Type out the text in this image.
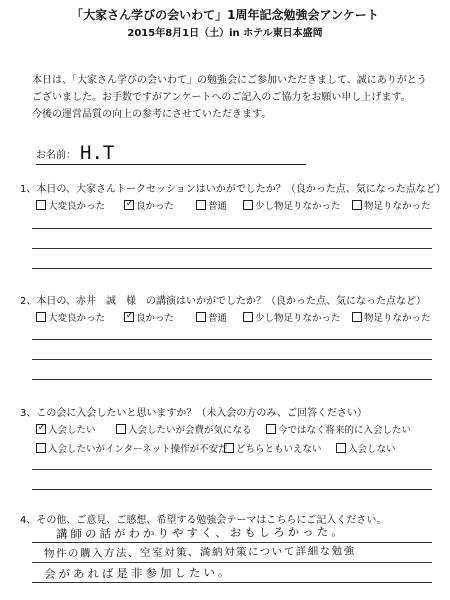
「大家さん学びの会いわて」1周年記念勉強会アンケート
2015年8月1日（土）in ホテル東日本盛岡
本日は、「大家さん学びの会いわて」の勉強会にご参加いただきまして、誠にありがとう
ございました。お手数ですがアンケートへのご記入のご協力をお願い申し上げます。
今後の運営品質の向上の参考にさせていただきます。
お名前： H.T
1、本日の、大家さんトークセッションはいかがでしたか？（良かった点、気になった点など）
大変良かった ✓ 良かった	普通	少し物足りなかった	物足りなかった
2、本日の、赤井　誠　様　の講演はいかがでしたか？（良かった点、気になった点など）
大変良かった ✓ 良かった	普通	少し物足りなかった	物足りなかった
3、この会に入会したいと思いますか？（未入会の方のみ、ご回答ください）
✓ 入会したい	入会したいが会費が気になる	今ではなく将来的に入会したい
入会したいがインターネット操作が不安だ どちらともいえない	入会しない
4、その他、ご意見、ご感想、希望する勉強会テーマはこちらにご記入ください。
講師の話がわかりやすく、おもしろかった。
物件の購入方法、空室対策、満納対策について詳細な勉強
会があれば是非参加したい。
